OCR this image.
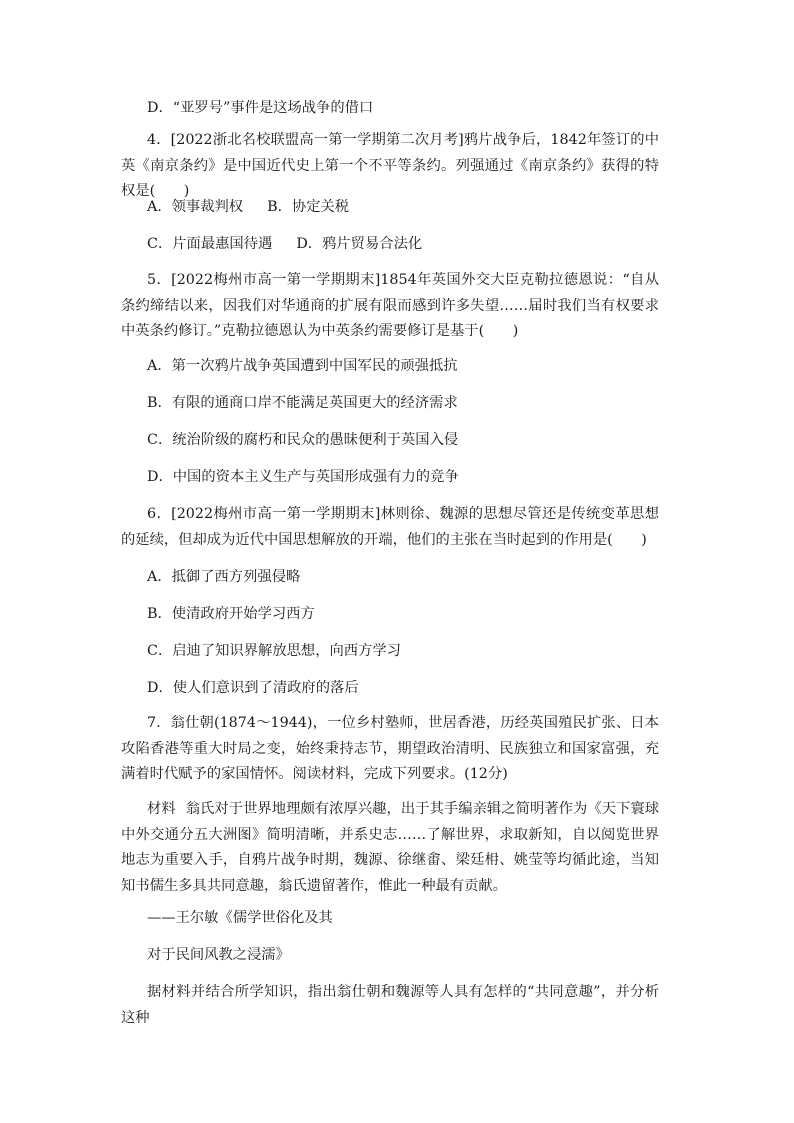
D．“亚罗号”事件是这场战争的借口
4．[2022浙北名校联盟高一第一学期第二次月考]鸦片战争后，1842年签订的中英《南京条约》是中国近代史上第一个不平等条约。列强通过《南京条约》获得的特权是(　　)
A．领事裁判权 B．协定关税
C．片面最惠国待遇 D．鸦片贸易合法化
5．[2022梅州市高一第一学期期末]1854年英国外交大臣克勒拉德恩说：“自从条约缔结以来，因我们对华通商的扩展有限而感到许多失望……届时我们当有权要求中英条约修订。”克勒拉德恩认为中英条约需要修订是基于(　　)
A．第一次鸦片战争英国遭到中国军民的顽强抵抗
B．有限的通商口岸不能满足英国更大的经济需求
C．统治阶级的腐朽和民众的愚昧便利于英国入侵
D．中国的资本主义生产与英国形成强有力的竞争
6．[2022梅州市高一第一学期期末]林则徐、魏源的思想尽管还是传统变革思想的延续，但却成为近代中国思想解放的开端，他们的主张在当时起到的作用是(　　)
A．抵御了西方列强侵略
B．使清政府开始学习西方
C．启迪了知识界解放思想，向西方学习
D．使人们意识到了清政府的落后
7．翁仕朝(1874～1944)，一位乡村塾师，世居香港，历经英国殖民扩张、日本攻陷香港等重大时局之变，始终秉持志节，期望政治清明、民族独立和国家富强，充满着时代赋予的家国情怀。阅读材料，完成下列要求。(12分)
材料 翁氏对于世界地理颇有浓厚兴趣，出于其手编亲辑之简明著作为《天下寰球中外交通分五大洲图》简明清晰，并系史志……了解世界，求取新知，自以阅览世界地志为重要入手，自鸦片战争时期，魏源、徐继畬、梁廷枏、姚莹等均循此途，当知知书儒生多具共同意趣，翁氏遗留著作，惟此一种最有贡献。
——王尔敏《儒学世俗化及其
对于民间风教之浸濡》
据材料并结合所学知识，指出翁仕朝和魏源等人具有怎样的“共同意趣”，并分析这种
